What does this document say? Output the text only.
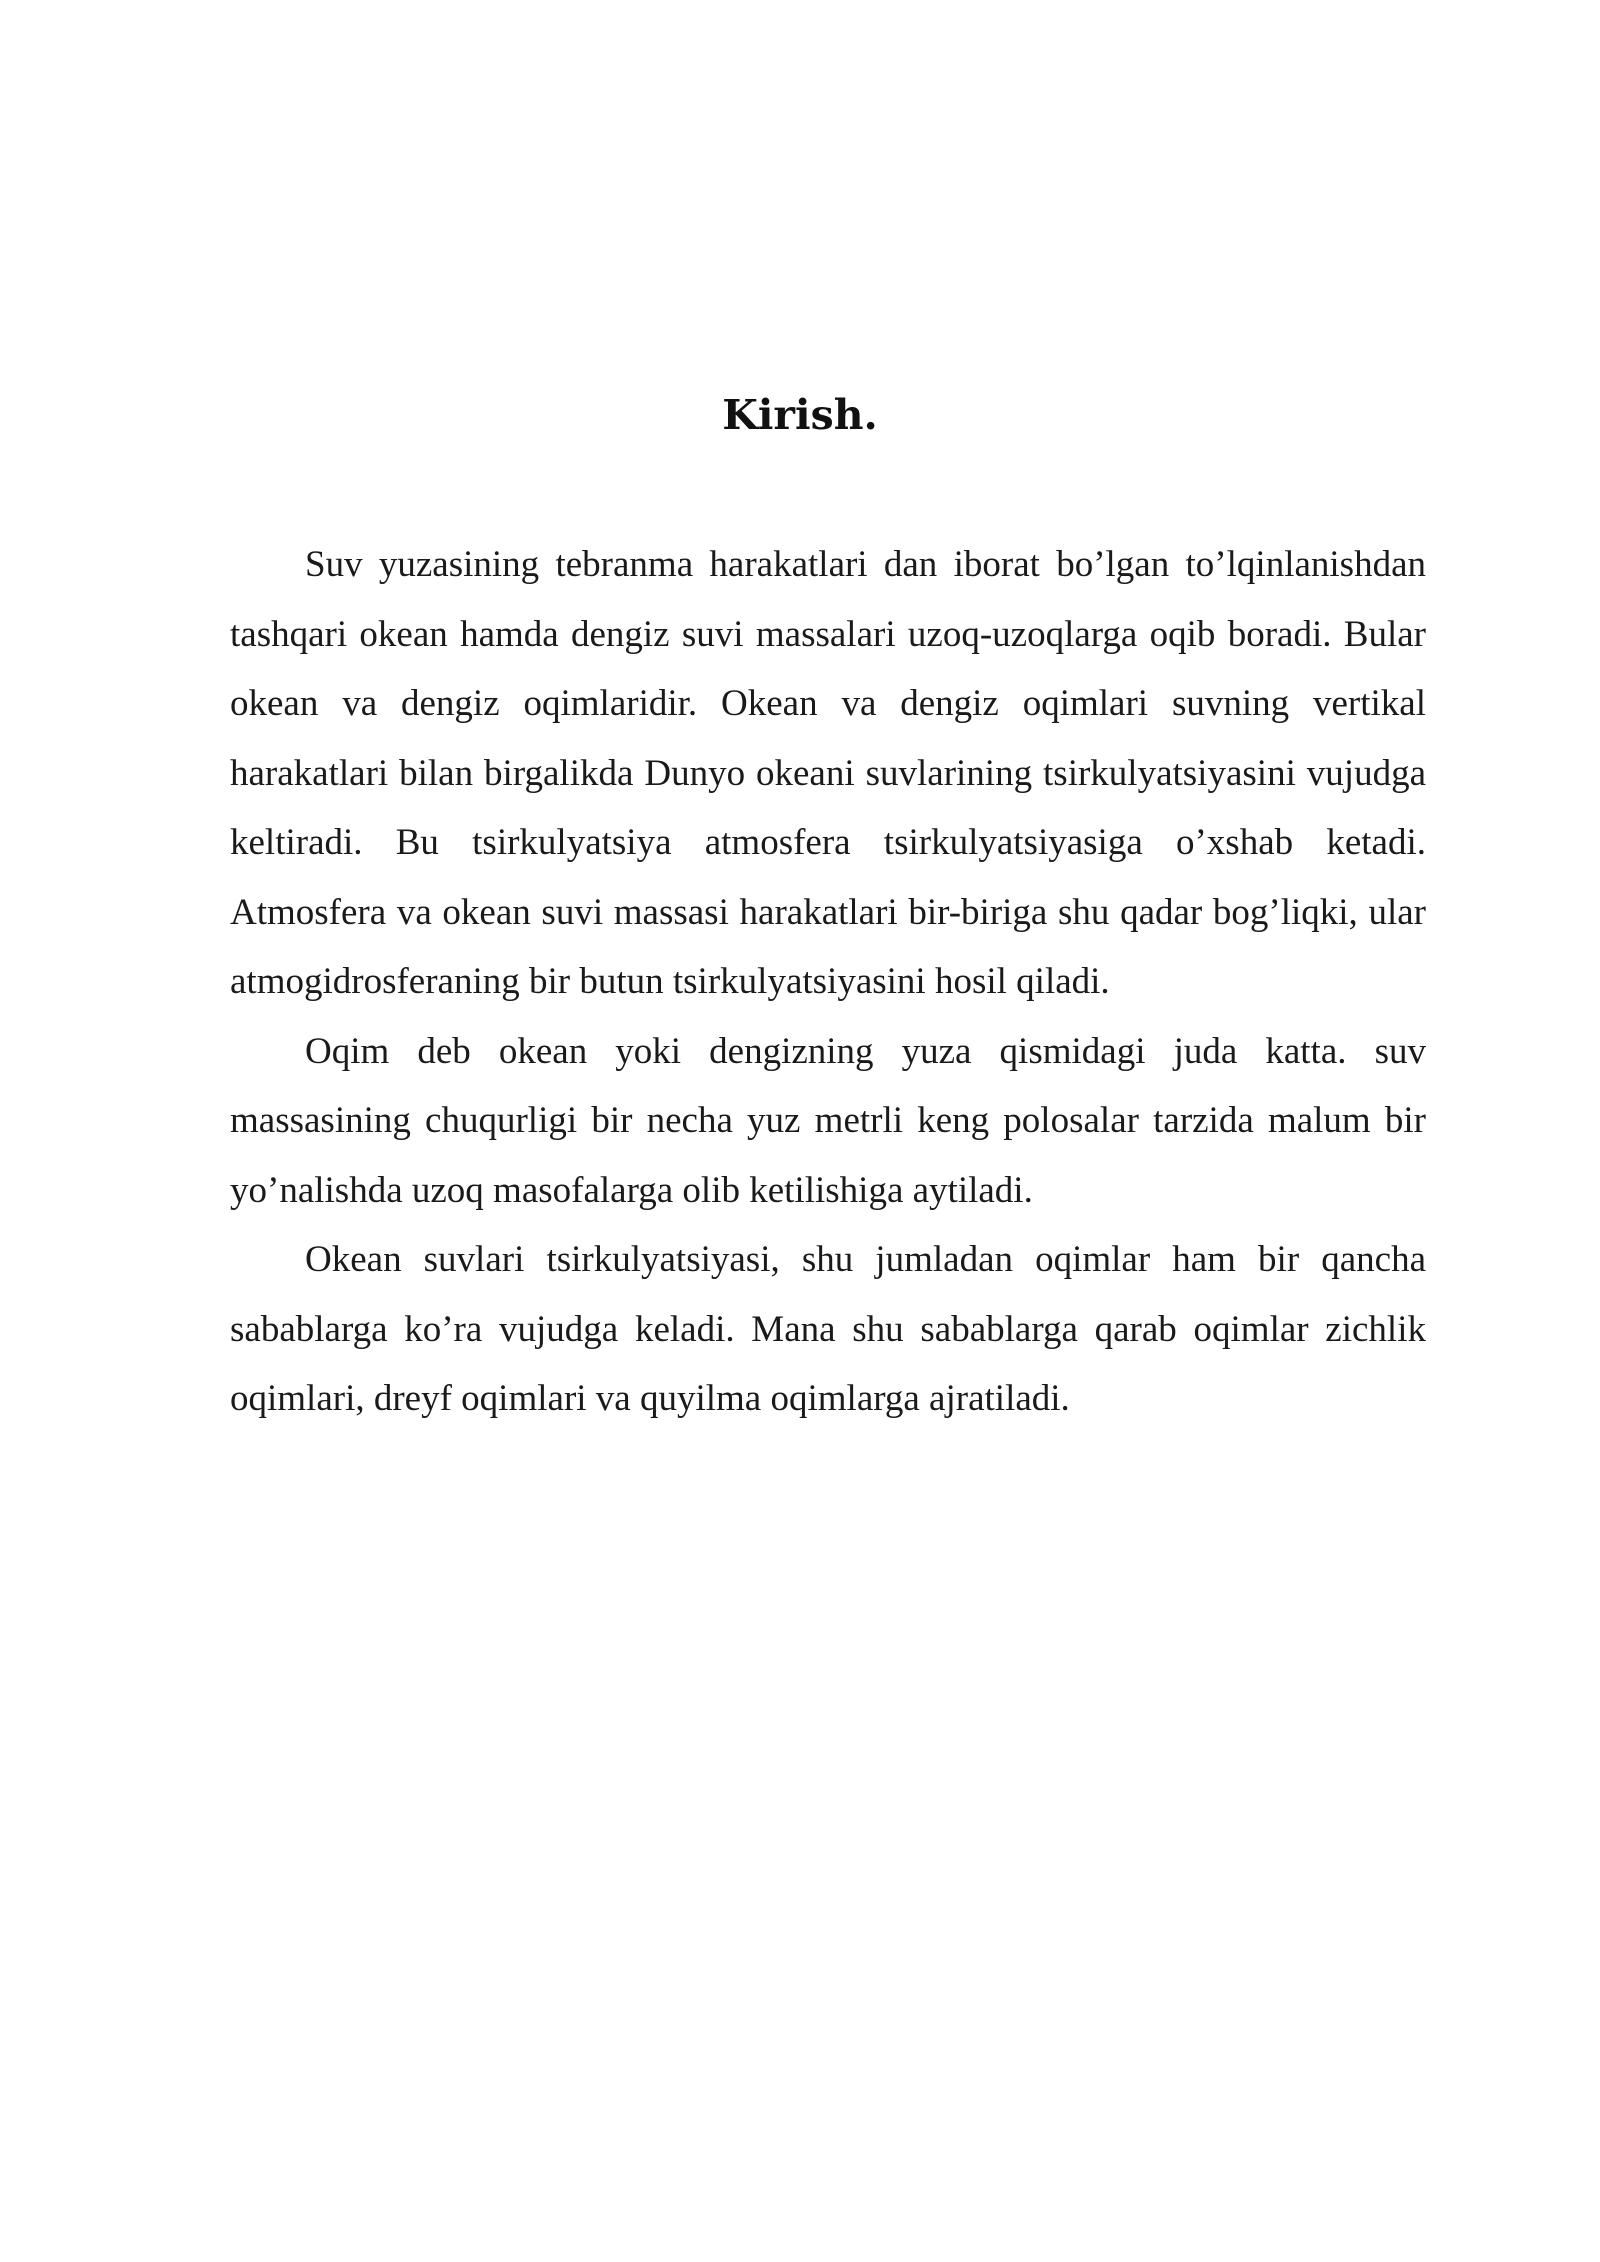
Kirish.

Suv yuzasining tebranma harakatlari dan iborat bo’lgan to’lqinlanishdan tashqari okean hamda dengiz suvi massalari uzoq-uzoqlarga oqib boradi. Bular okean va dengiz oqimlaridir. Okean va dengiz oqimlari suvning vertikal harakatlari bilan birgalikda Dunyo okeani suvlarining tsirkulyatsiyasini vujudga keltiradi. Bu tsirkulyatsiya atmosfera tsirkulyatsiyasiga o’xshab ketadi. Atmosfera va okean suvi massasi harakatlari bir-biriga shu qadar bog’liqki, ular atmogidrosferaning bir butun tsirkulyatsiyasini hosil qiladi.

Oqim deb okean yoki dengizning yuza qismidagi juda katta. suv massasining chuqurligi bir necha yuz metrli keng polosalar tarzida malum bir yo’nalishda uzoq masofalarga olib ketilishiga aytiladi.

Okean suvlari tsirkulyatsiyasi, shu jumladan oqimlar ham bir qancha sabablarga ko’ra vujudga keladi. Mana shu sabablarga qarab oqimlar zichlik oqimlari, dreyf oqimlari va quyilma oqimlarga ajratiladi.
